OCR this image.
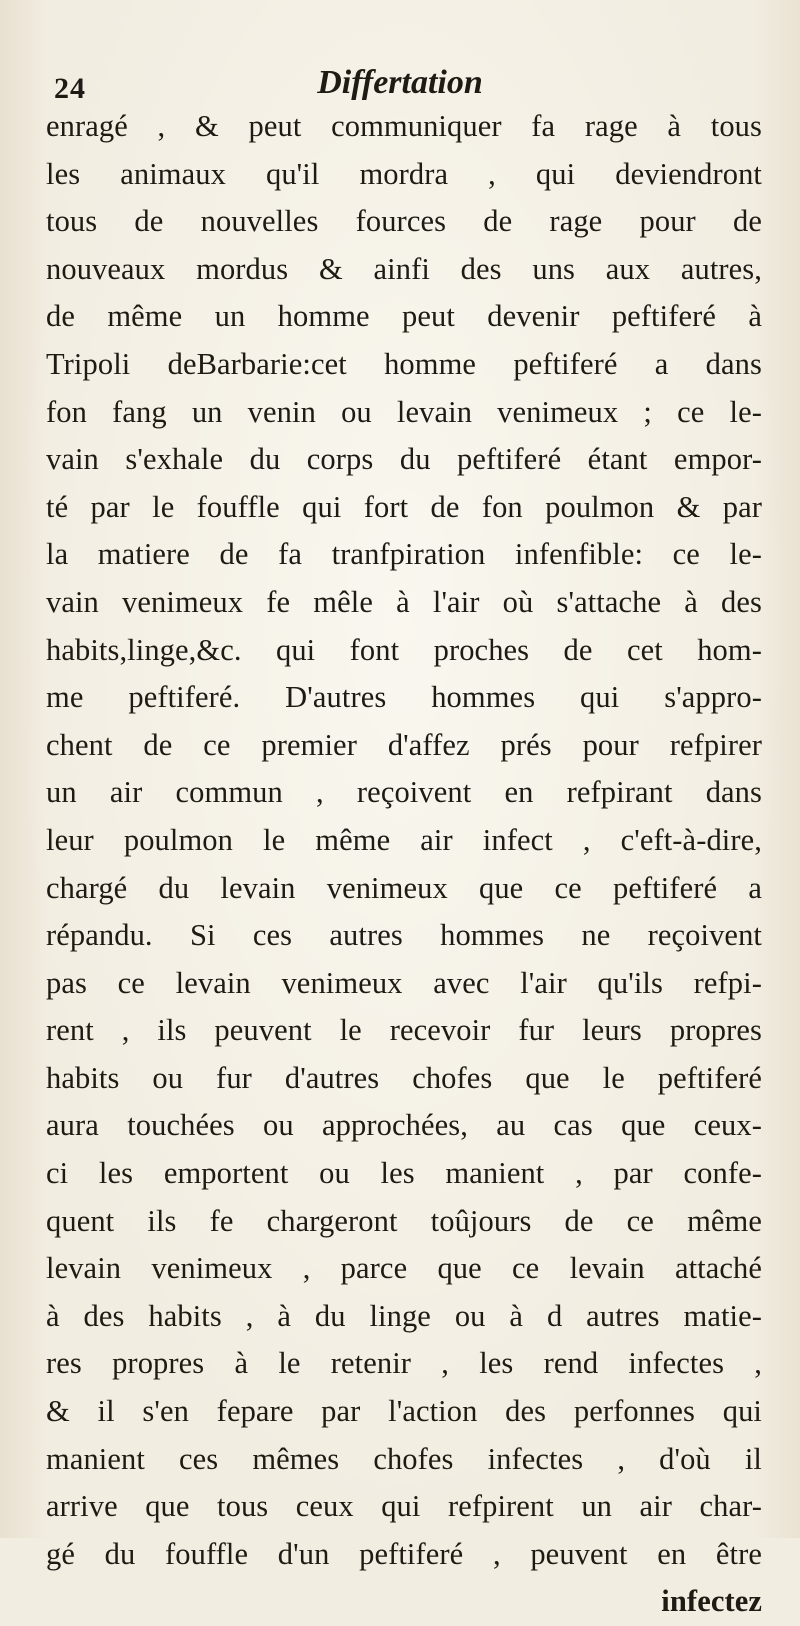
24	Differtation
enragé , & peut communiquer fa rage à tous
les animaux qu'il mordra , qui deviendront
tous de nouvelles fources de rage pour de
nouveaux mordus & ainfi des uns aux autres,
de même un homme peut devenir peftiferé à
Tripoli deBarbarie:cet homme peftiferé a dans
fon fang un venin ou levain venimeux ; ce le-
vain s'exhale du corps du peftiferé étant empor-
té par le fouffle qui fort de fon poulmon & par
la matiere de fa tranfpiration infenfible: ce le-
vain venimeux fe mêle à l'air où s'attache à des
habits,linge,&c. qui font proches de cet hom-
me peftiferé. D'autres hommes qui s'appro-
chent de ce premier d'affez prés pour refpirer
un air commun , reçoivent en refpirant dans
leur poulmon le même air infect , c'eft-à-dire,
chargé du levain venimeux que ce peftiferé a
répandu. Si ces autres hommes ne reçoivent
pas ce levain venimeux avec l'air qu'ils refpi-
rent , ils peuvent le recevoir fur leurs propres
habits ou fur d'autres chofes que le peftiferé
aura touchées ou approchées, au cas que ceux-
ci les emportent ou les manient , par confe-
quent ils fe chargeront toûjours de ce même
levain venimeux , parce que ce levain attaché
à des habits , à du linge ou à d autres matie-
res propres à le retenir , les rend infectes ,
& il s'en fepare par l'action des perfonnes qui
manient ces mêmes chofes infectes , d'où il
arrive que tous ceux qui refpirent un air char-
gé du fouffle d'un peftiferé , peuvent en être
infectez
